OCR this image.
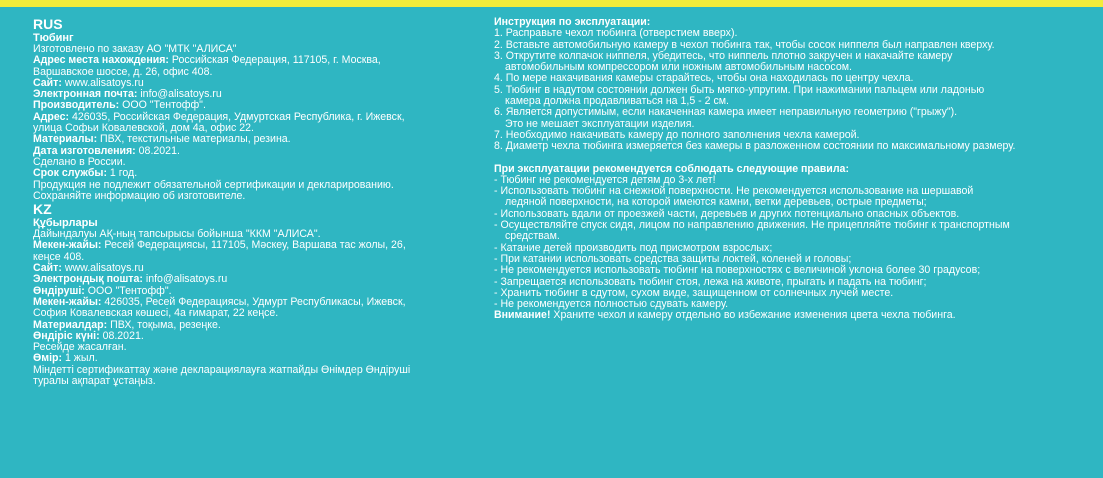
RUS
Тюбинг
Изготовлено по заказу АО "МТК "АЛИСА"
Адрес места нахождения: Российская Федерация, 117105, г. Москва,
Варшавское шоссе, д. 26, офис 408.
Сайт: www.alisatoys.ru
Электронная почта: info@alisatoys.ru
Производитель: ООО "Тентофф".
Адрес: 426035, Российская Федерация, Удмуртская Республика, г. Ижевск,
улица Софьи Ковалевской, дом 4а, офис 22.
Материалы: ПВХ, текстильные материалы, резина.
Дата изготовления: 08.2021.
Сделано в России.
Срок службы: 1 год.
Продукция не подлежит обязательной сертификации и декларированию.
Сохраняйте информацию об изготовителе.
KZ
Құбырлары
Дайындалуы АҚ-ның тапсырысы бойынша "ККМ "АЛИСА".
Мекен-жайы: Ресей Федерациясы, 117105, Мәскеу, Варшава тас жолы, 26,
кеңсе 408.
Сайт: www.alisatoys.ru
Электрондық пошта: info@alisatoys.ru
Өндіруші: ООО "Тентофф".
Мекен-жайы: 426035, Ресей Федерациясы, Удмурт Республикасы, Ижевск,
София Ковалевская көшесі, 4а ғимарат, 22 кеңсе.
Материалдар: ПВХ, тоқыма, резеңке.
Өндіріс күні: 08.2021.
Ресейде жасалған.
Өмір: 1 жыл.
Міндетті сертификаттау және декларациялауға жатпайды Өнімдер Өндіруші
туралы ақпарат ұстаңыз.
Инструкция по эксплуатации:
1. Расправьте чехол тюбинга (отверстием вверх).
2. Вставьте автомобильную камеру в чехол тюбинга так, чтобы сосок ниппеля был направлен кверху.
3. Открутите колпачок ниппеля, убедитесь, что ниппель плотно закручен и накачайте камеру
автомобильным компрессором или ножным автомобильным насосом.
4. По мере накачивания камеры старайтесь, чтобы она находилась по центру чехла.
5. Тюбинг в надутом состоянии должен быть мягко-упругим. При нажимании пальцем или ладонью
камера должна продавливаться на 1,5 - 2 см.
6. Является допустимым, если накаченная камера имеет неправильную геометрию ("грыжу").
Это не мешает эксплуатации изделия.
7. Необходимо накачивать камеру до полного заполнения чехла камерой.
8. Диаметр чехла тюбинга измеряется без камеры в разложенном состоянии по максимальному размеру.
При эксплуатации рекомендуется соблюдать следующие правила:
- Тюбинг не рекомендуется детям до 3-х лет!
- Использовать тюбинг на снежной поверхности. Не рекомендуется использование на шершавой
ледяной поверхности, на которой имеются камни, ветки деревьев, острые предметы;
- Использовать вдали от проезжей части, деревьев и других потенциально опасных объектов.
- Осуществляйте спуск сидя, лицом по направлению движения. Не прицепляйте тюбинг к транспортным
средствам.
- Катание детей производить под присмотром взрослых;
- При катании использовать средства защиты локтей, коленей и головы;
- Не рекомендуется использовать тюбинг на поверхностях с величиной уклона более 30 градусов;
- Запрещается использовать тюбинг стоя, лежа на животе, прыгать и падать на тюбинг;
- Хранить тюбинг в сдутом, сухом виде, защищенном от солнечных лучей месте.
- Не рекомендуется полностью сдувать камеру.
Внимание! Храните чехол и камеру отдельно во избежание изменения цвета чехла тюбинга.
